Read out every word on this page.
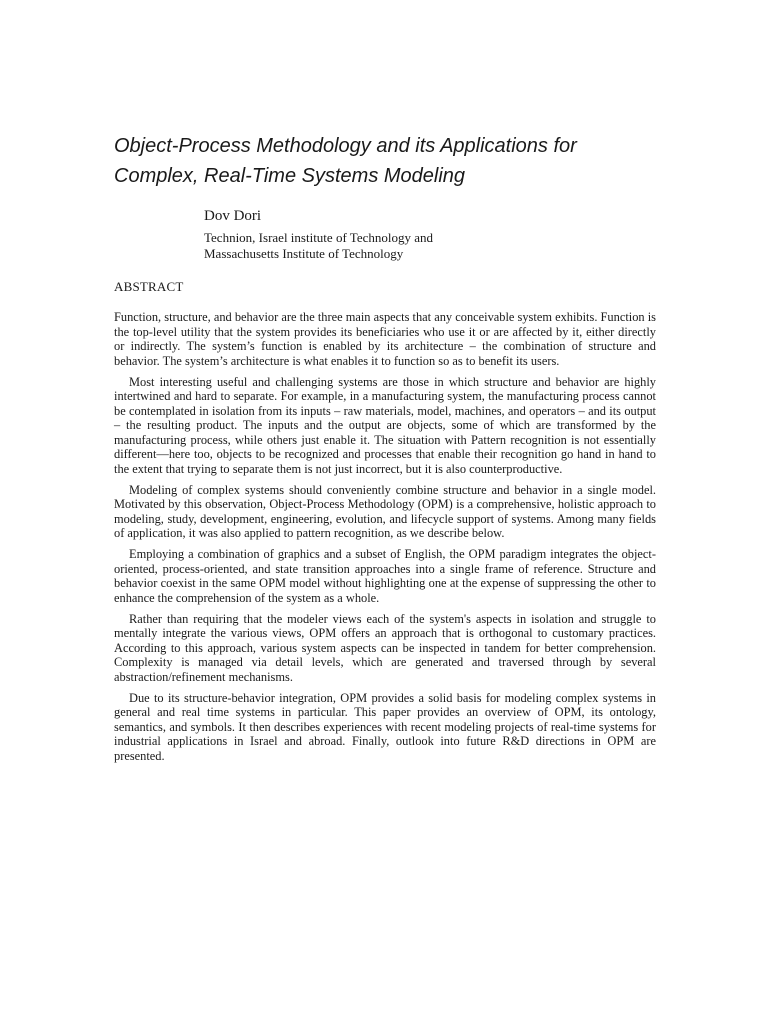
Object-Process Methodology and its Applications for
Complex, Real-Time Systems Modeling
Dov Dori
Technion, Israel institute of Technology and
Massachusetts Institute of Technology
ABSTRACT

Function, structure, and behavior are the three main aspects that any conceivable system exhibits. Function is the top-level utility that the system provides its beneficiaries who use it or are affected by it, either directly or indirectly. The system’s function is enabled by its architecture – the combination of structure and behavior. The system’s architecture is what enables it to function so as to benefit its users.

Most interesting useful and challenging systems are those in which structure and behavior are highly intertwined and hard to separate. For example, in a manufacturing system, the manufacturing process cannot be contemplated in isolation from its inputs – raw materials, model, machines, and operators – and its output – the resulting product. The inputs and the output are objects, some of which are transformed by the manufacturing process, while others just enable it. The situation with Pattern recognition is not essentially different—here too, objects to be recognized and processes that enable their recognition go hand in hand to the extent that trying to separate them is not just incorrect, but it is also counterproductive.

Modeling of complex systems should conveniently combine structure and behavior in a single model. Motivated by this observation, Object-Process Methodology (OPM) is a comprehensive, holistic approach to modeling, study, development, engineering, evolution, and lifecycle support of systems. Among many fields of application, it was also applied to pattern recognition, as we describe below.

Employing a combination of graphics and a subset of English, the OPM paradigm integrates the object-oriented, process-oriented, and state transition approaches into a single frame of reference. Structure and behavior coexist in the same OPM model without highlighting one at the expense of suppressing the other to enhance the comprehension of the system as a whole.

Rather than requiring that the modeler views each of the system's aspects in isolation and struggle to mentally integrate the various views, OPM offers an approach that is orthogonal to customary practices. According to this approach, various system aspects can be inspected in tandem for better comprehension. Complexity is managed via detail levels, which are generated and traversed through by several abstraction/refinement mechanisms.

Due to its structure-behavior integration, OPM provides a solid basis for modeling complex systems in general and real time systems in particular. This paper provides an overview of OPM, its ontology, semantics, and symbols. It then describes experiences with recent modeling projects of real-time systems for industrial applications in Israel and abroad. Finally, outlook into future R&D directions in OPM are presented.
